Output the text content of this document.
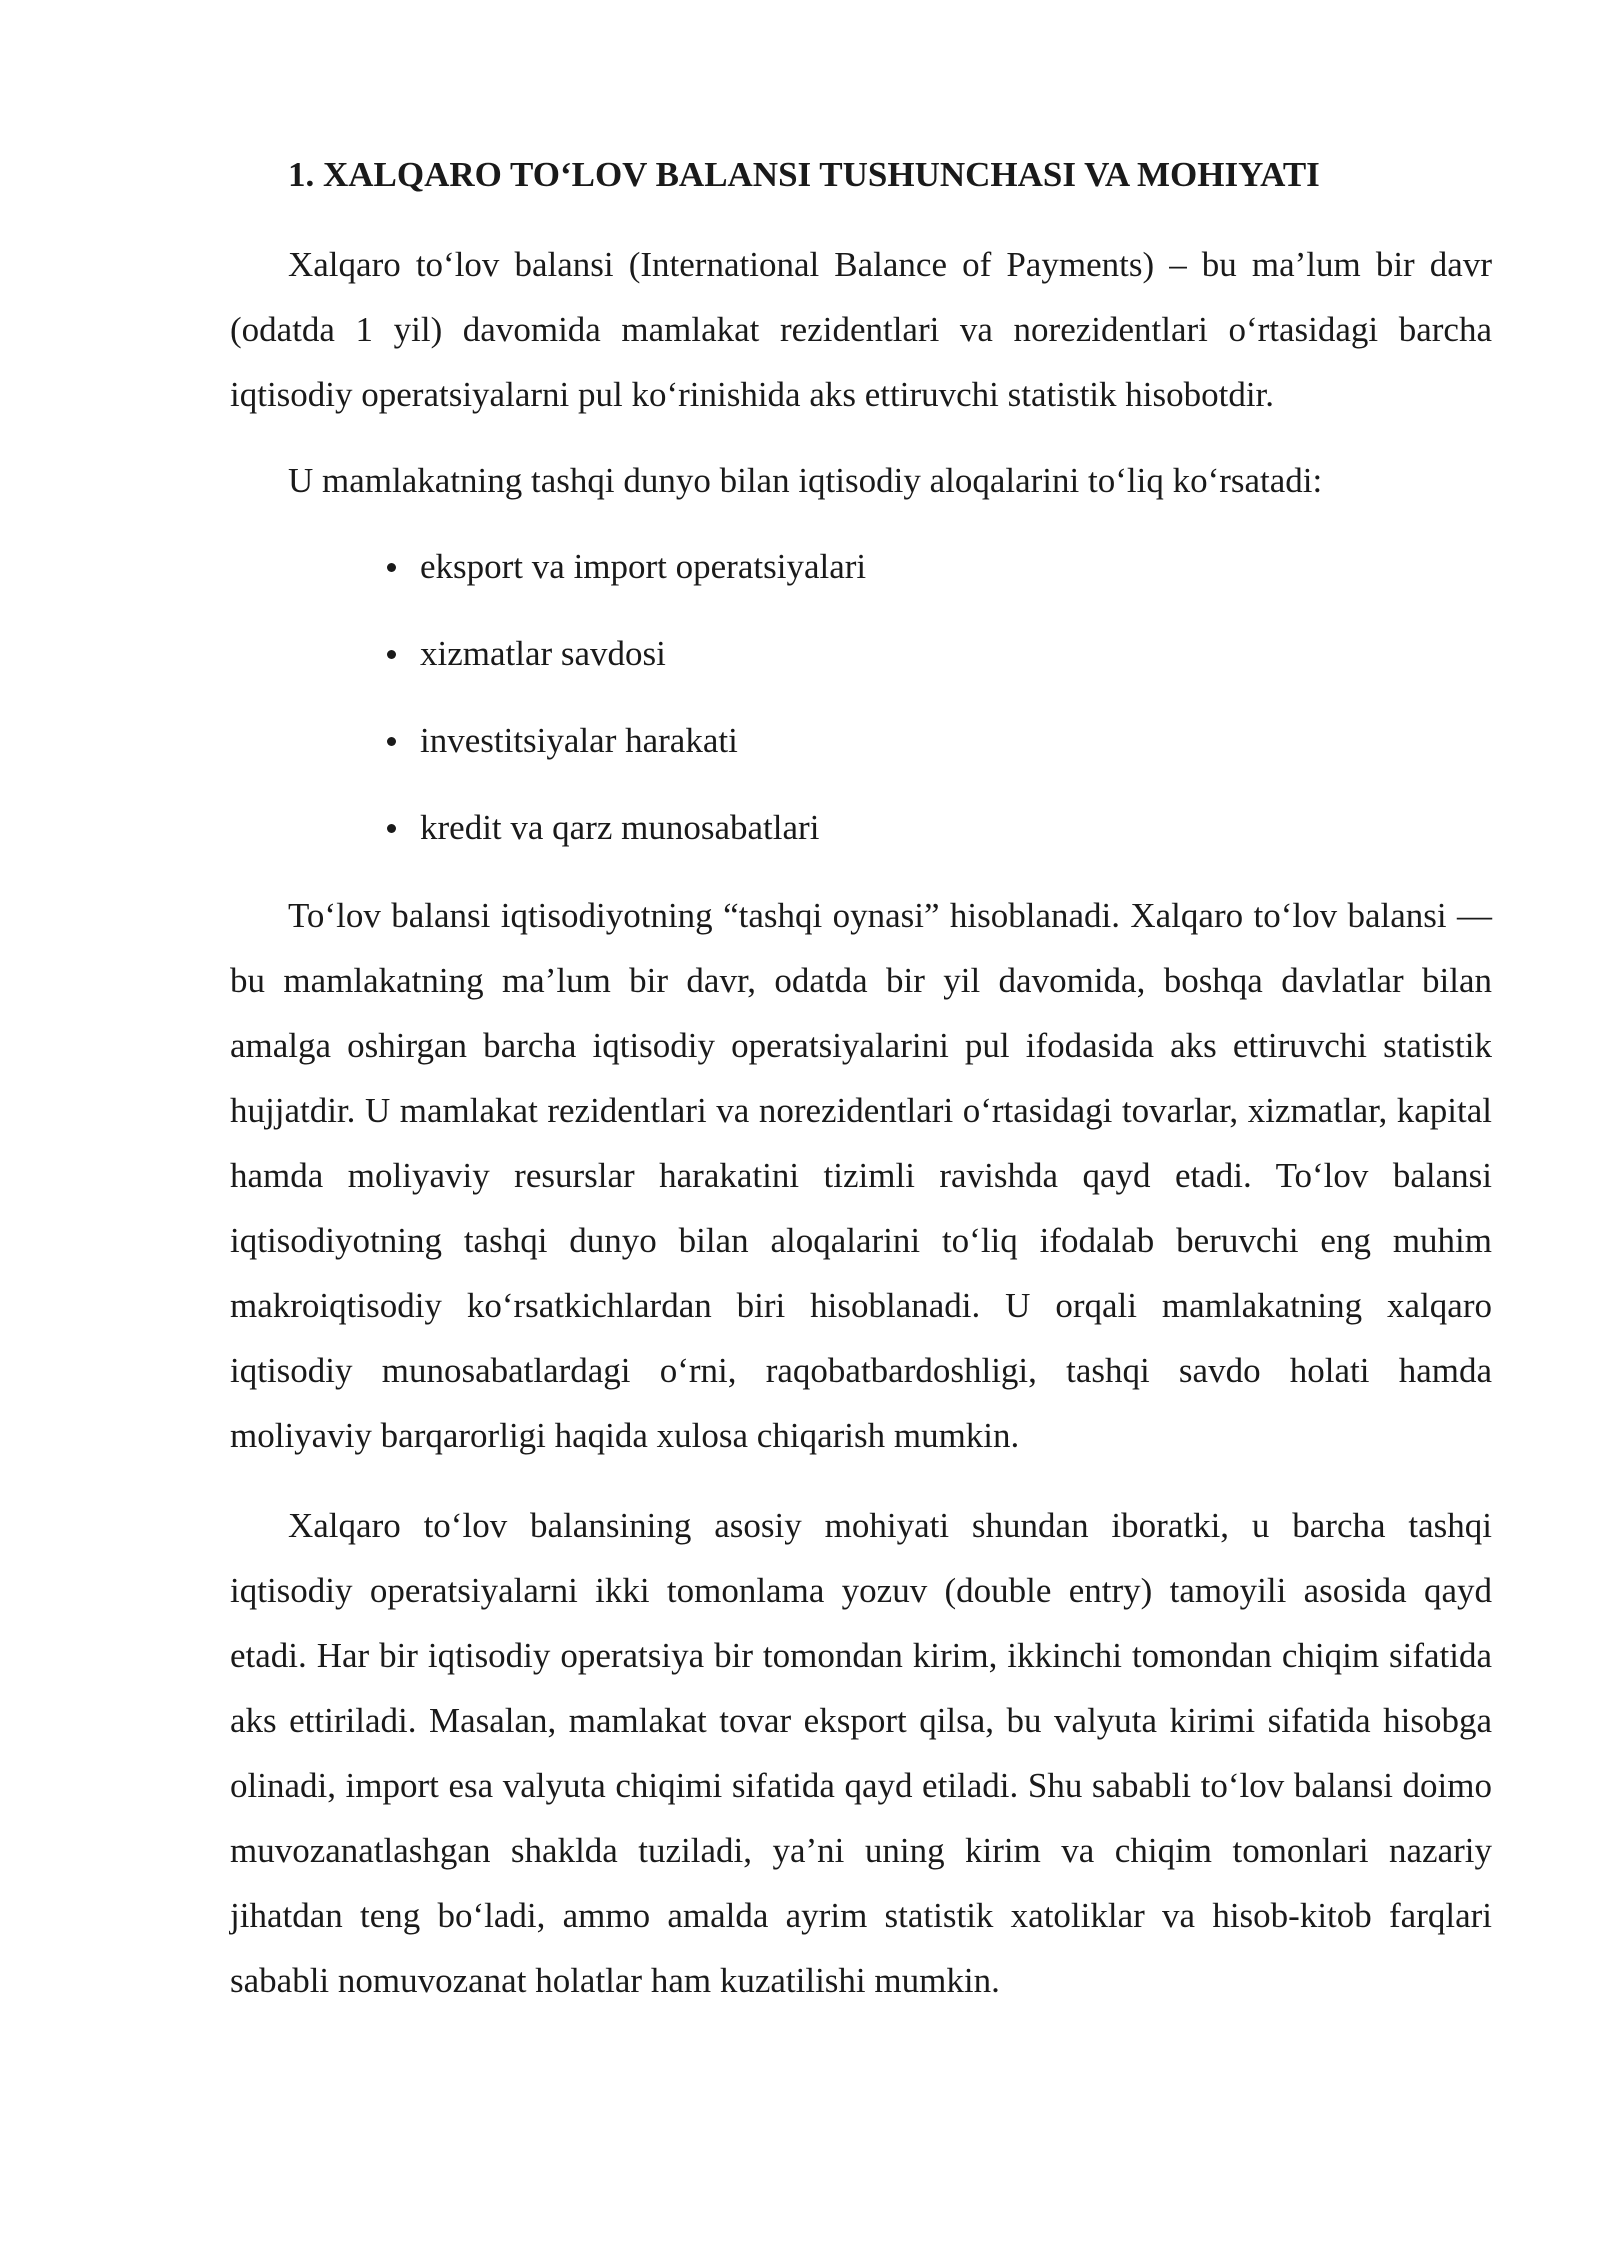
1. XALQARO TO‘LOV BALANSI TUSHUNCHASI VA MOHIYATI

Xalqaro to‘lov balansi (International Balance of Payments) – bu ma’lum bir davr (odatda 1 yil) davomida mamlakat rezidentlari va norezidentlari o‘rtasidagi barcha iqtisodiy operatsiyalarni pul ko‘rinishida aks ettiruvchi statistik hisobotdir.

U mamlakatning tashqi dunyo bilan iqtisodiy aloqalarini to‘liq ko‘rsatadi:

eksport va import operatsiyalari
xizmatlar savdosi
investitsiyalar harakati
kredit va qarz munosabatlari

To‘lov balansi iqtisodiyotning “tashqi oynasi” hisoblanadi. Xalqaro to‘lov balansi — bu mamlakatning ma’lum bir davr, odatda bir yil davomida, boshqa davlatlar bilan amalga oshirgan barcha iqtisodiy operatsiyalarini pul ifodasida aks ettiruvchi statistik hujjatdir. U mamlakat rezidentlari va norezidentlari o‘rtasidagi tovarlar, xizmatlar, kapital hamda moliyaviy resurslar harakatini tizimli ravishda qayd etadi. To‘lov balansi iqtisodiyotning tashqi dunyo bilan aloqalarini to‘liq ifodalab beruvchi eng muhim makroiqtisodiy ko‘rsatkichlardan biri hisoblanadi. U orqali mamlakatning xalqaro iqtisodiy munosabatlardagi o‘rni, raqobatbardoshligi, tashqi savdo holati hamda moliyaviy barqarorligi haqida xulosa chiqarish mumkin.

Xalqaro to‘lov balansining asosiy mohiyati shundan iboratki, u barcha tashqi iqtisodiy operatsiyalarni ikki tomonlama yozuv (double entry) tamoyili asosida qayd etadi. Har bir iqtisodiy operatsiya bir tomondan kirim, ikkinchi tomondan chiqim sifatida aks ettiriladi. Masalan, mamlakat tovar eksport qilsa, bu valyuta kirimi sifatida hisobga olinadi, import esa valyuta chiqimi sifatida qayd etiladi. Shu sababli to‘lov balansi doimo muvozanatlashgan shaklda tuziladi, ya’ni uning kirim va chiqim tomonlari nazariy jihatdan teng bo‘ladi, ammo amalda ayrim statistik xatoliklar va hisob-kitob farqlari sababli nomuvozanat holatlar ham kuzatilishi mumkin.
